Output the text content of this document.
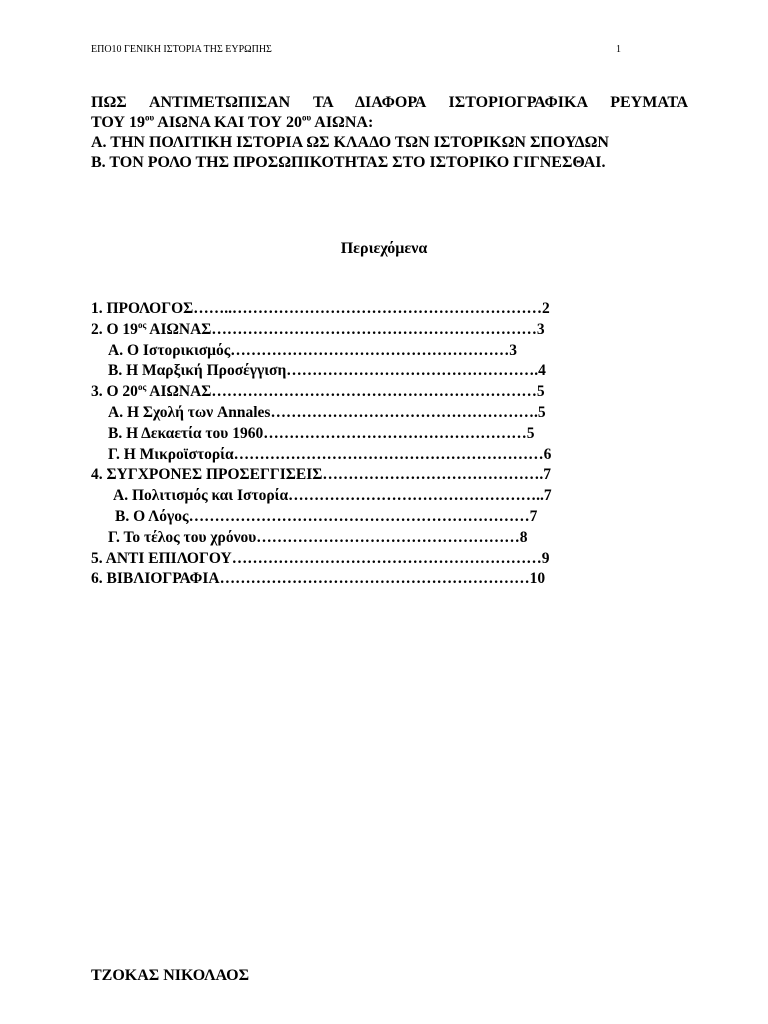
ΕΠΟ10 ΓΕΝΙΚΗ ΙΣΤΟΡΙΑ ΤΗΣ ΕΥΡΩΠΗΣ	1
ΠΩΣ ΑΝΤΙΜΕΤΩΠΙΣΑΝ ΤΑ ΔΙΑΦΟΡΑ ΙΣΤΟΡΙΟΓΡΑΦΙΚΑ ΡΕΥΜΑΤΑ
ΤΟΥ $19^{o\upsilon}$ ΑΙΩΝΑ ΚΑΙ ΤΟΥ $20^{o\upsilon}$ ΑΙΩΝΑ:
Α. ΤΗΝ ΠΟΛΙΤΙΚΗ ΙΣΤΟΡΙΑ ΩΣ ΚΛΑΔΟ ΤΩΝ ΙΣΤΟΡΙΚΩΝ ΣΠΟΥΔΩΝ
Β. ΤΟΝ ΡΟΛΟ ΤΗΣ ΠΡΟΣΩΠΙΚΟΤΗΤΑΣ ΣΤΟ ΙΣΤΟΡΙΚΟ ΓΙΓΝΕΣΘΑΙ.
Περιεχόμενα
1. ΠΡΟΛΟΓΟΣ……..……………………………………………………2
2. Ο $19^{o\varsigma}$ ΑΙΩΝΑΣ………………………………………………………3
Α. Ο Ιστορικισμός………………………………………………3
Β. Η Μαρξική Προσέγγιση………………………………………….4
3. Ο $20^{o\varsigma}$ ΑΙΩΝΑΣ………………………………………………………5
Α. Η Σχολή των Annales…………………………………………….5
Β. Η Δεκαετία του 1960……………………………………………5
Γ. Η Μικροϊστορία……………………………………………………6
4. ΣΥΓΧΡΟΝΕΣ ΠΡΟΣΕΓΓΙΣΕΙΣ…………………………………….7
Α. Πολιτισμός και Ιστορία…………………………………………..7
Β. Ο Λόγος…………………………………………………………7
Γ. Το τέλος του χρόνου……………………………………………8
5. ΑΝΤΙ ΕΠΙΛΟΓΟΥ……………………………………………………9
6. ΒΙΒΛΙΟΓΡΑΦΙΑ……………………………………………………10
ΤΖΟΚΑΣ ΝΙΚΟΛΑΟΣ
